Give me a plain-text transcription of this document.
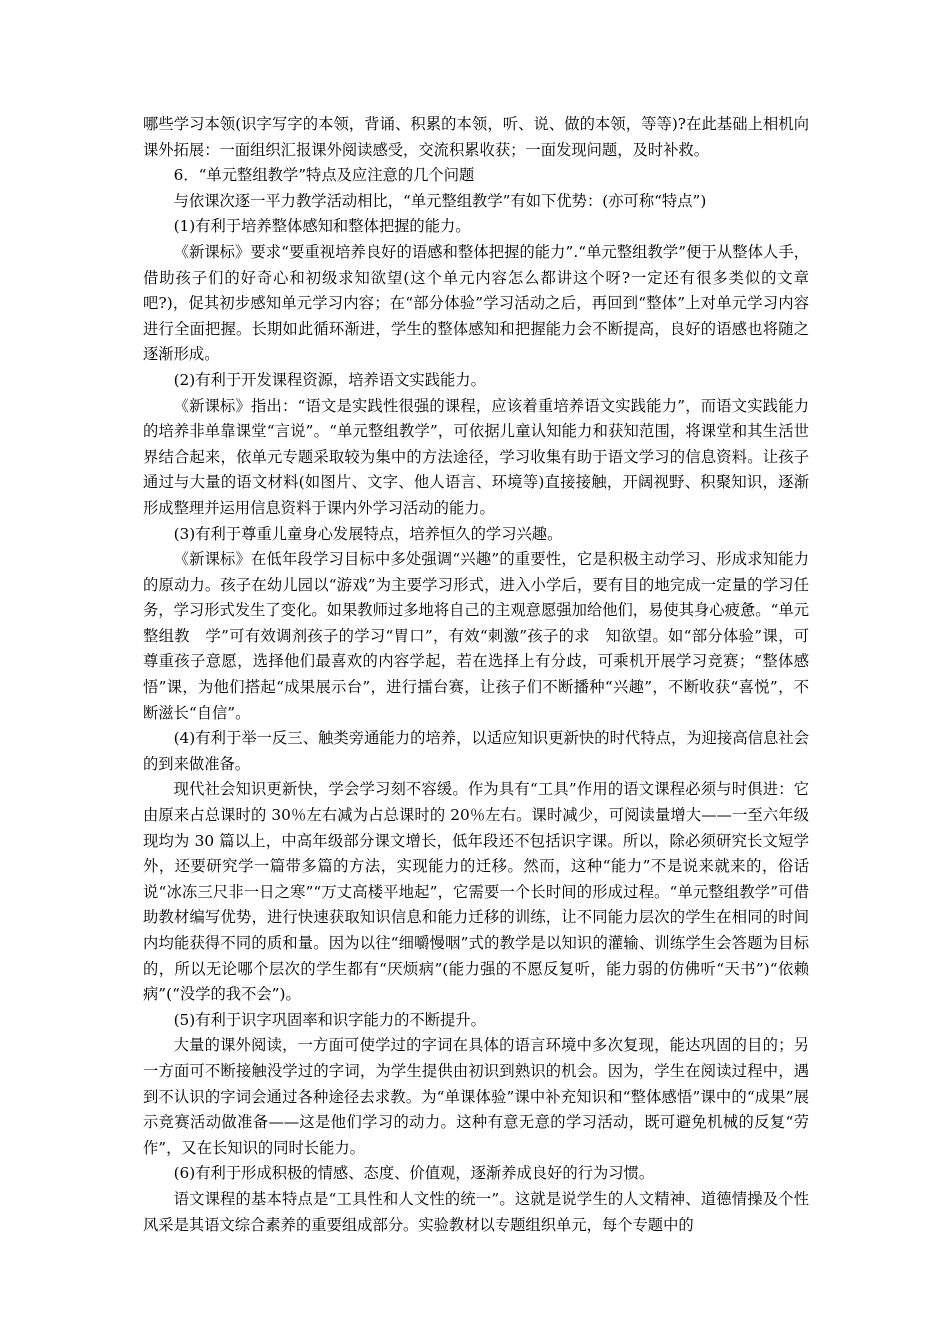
哪些学习本领(识字写字的本领，背诵、积累的本领，听、说、做的本领，等等)?在此基础上相机向课外拓展：一面组织汇报课外阅读感受，交流积累收获；一面发现问题，及时补救。

6．“单元整组教学”特点及应注意的几个问题

与依课次逐一平力教学活动相比，“单元整组教学”有如下优势：(亦可称“特点”)

(1)有利于培养整体感知和整体把握的能力。

《新课标》要求“要重视培养良好的语感和整体把握的能力”.“单元整组教学”便于从整体人手，借助孩子们的好奇心和初级求知欲望(这个单元内容怎么都讲这个呀?一定还有很多类似的文章吧?)，促其初步感知单元学习内容；在“部分体验”学习活动之后，再回到“整体”上对单元学习内容进行全面把握。长期如此循环渐进，学生的整体感知和把握能力会不断提高，良好的语感也将随之逐渐形成。

(2)有利于开发课程资源，培养语文实践能力。

《新课标》指出：“语文是实践性很强的课程，应该着重培养语文实践能力”，而语文实践能力的培养非单靠课堂“言说”。“单元整组教学”，可依据儿童认知能力和获知范围，将课堂和其生活世界结合起来，依单元专题采取较为集中的方法途径，学习收集有助于语文学习的信息资料。让孩子通过与大量的语文材料(如图片、文字、他人语言、环境等)直接接触，开阔视野、积聚知识，逐渐形成整理并运用信息资料于课内外学习活动的能力。

(3)有利于尊重儿童身心发展特点，培养恒久的学习兴趣。

《新课标》在低年段学习目标中多处强调“兴趣”的重要性，它是积极主动学习、形成求知能力的原动力。孩子在幼儿园以“游戏”为主要学习形式，进入小学后，要有目的地完成一定量的学习任务，学习形式发生了变化。如果教师过多地将自己的主观意愿强加给他们，易使其身心疲惫。“单元整组教　学”可有效调剂孩子的学习“胃口”，有效“刺激”孩子的求　知欲望。如“部分体验”课，可尊重孩子意愿，选择他们最喜欢的内容学起，若在选择上有分歧，可乘机开展学习竞赛；“整体感悟”课，为他们搭起“成果展示台”，进行擂台赛，让孩子们不断播种“兴趣”，不断收获“喜悦”，不断滋长“自信”。

(4)有利于举一反三、触类旁通能力的培养，以适应知识更新快的时代特点，为迎接高信息社会的到来做准备。

现代社会知识更新快，学会学习刻不容缓。作为具有“工具”作用的语文课程必须与时俱进：它由原来占总课时的 30％左右减为占总课时的 20％左右。课时减少，可阅读量增大——一至六年级现均为 30 篇以上，中高年级部分课文增长，低年段还不包括识字课。所以，除必须研究长文短学外，还要研究学一篇带多篇的方法，实现能力的迁移。然而，这种“能力”不是说来就来的，俗话说“冰冻三尺非一日之寒”“万丈高楼平地起”，它需要一个长时间的形成过程。“单元整组教学”可借助教材编写优势，进行快速获取知识信息和能力迁移的训练，让不同能力层次的学生在相同的时间内均能获得不同的质和量。因为以往“细嚼慢咽”式的教学是以知识的灌输、训练学生会答题为目标的，所以无论哪个层次的学生都有“厌烦病”(能力强的不愿反复听，能力弱的仿佛听“天书”)“依赖病”(“没学的我不会”)。

(5)有利于识字巩固率和识字能力的不断提升。

大量的课外阅读，一方面可使学过的字词在具体的语言环境中多次复现，能达巩固的目的；另一方面可不断接触没学过的字词，为学生提供由初识到熟识的机会。因为，学生在阅读过程中，遇到不认识的字词会通过各种途径去求教。为“单课体验”课中补充知识和“整体感悟”课中的“成果”展示竞赛活动做准备——这是他们学习的动力。这种有意无意的学习活动，既可避免机械的反复“劳作”，又在长知识的同时长能力。

(6)有利于形成积极的情感、态度、价值观，逐渐养成良好的行为习惯。

语文课程的基本特点是“工具性和人文性的统一”。这就是说学生的人文精神、道德情操及个性风采是其语文综合素养的重要组成部分。实验教材以专题组织单元，每个专题中的
